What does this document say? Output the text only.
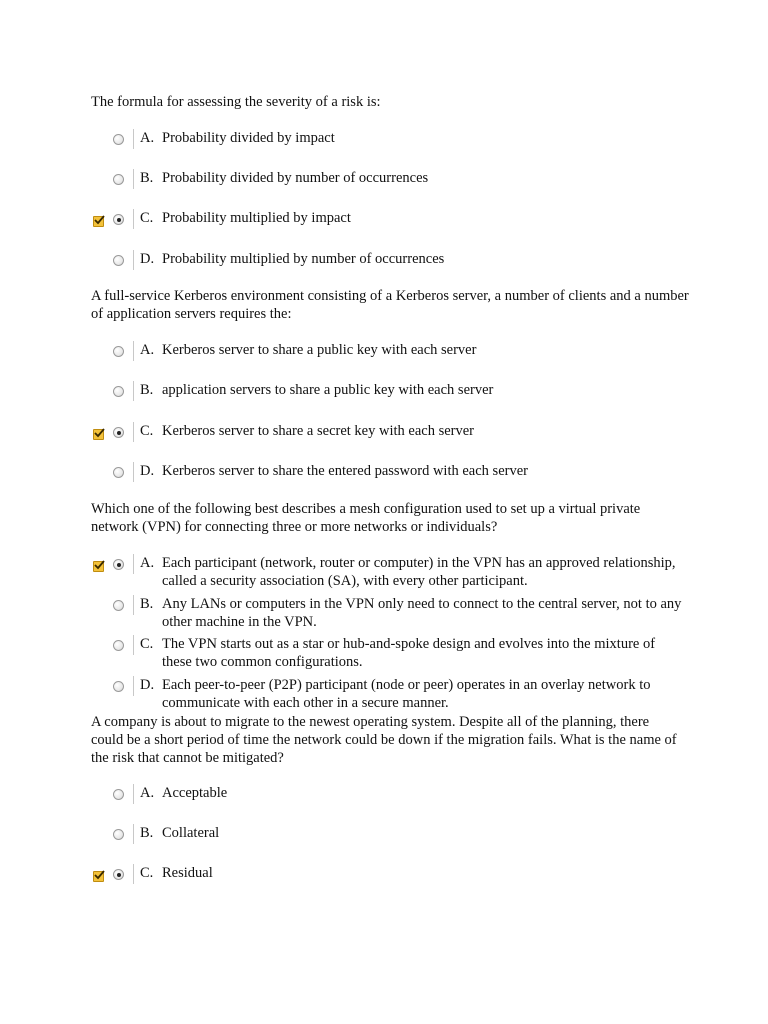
The formula for assessing the severity of a risk is:

A. Probability divided by impact
B. Probability divided by number of occurrences
C. Probability multiplied by impact
D. Probability multiplied by number of occurrences

A full-service Kerberos environment consisting of a Kerberos server, a number of clients and a number of application servers requires the:

A. Kerberos server to share a public key with each server
B. application servers to share a public key with each server
C. Kerberos server to share a secret key with each server
D. Kerberos server to share the entered password with each server

Which one of the following best describes a mesh configuration used to set up a virtual private network (VPN) for connecting three or more networks or individuals?

A. Each participant (network, router or computer) in the VPN has an approved relationship, called a security association (SA), with every other participant.
B. Any LANs or computers in the VPN only need to connect to the central server, not to any other machine in the VPN.
C. The VPN starts out as a star or hub-and-spoke design and evolves into the mixture of these two common configurations.
D. Each peer-to-peer (P2P) participant (node or peer) operates in an overlay network to communicate with each other in a secure manner.

A company is about to migrate to the newest operating system. Despite all of the planning, there could be a short period of time the network could be down if the migration fails. What is the name of the risk that cannot be mitigated?

A. Acceptable
B. Collateral
C. Residual
